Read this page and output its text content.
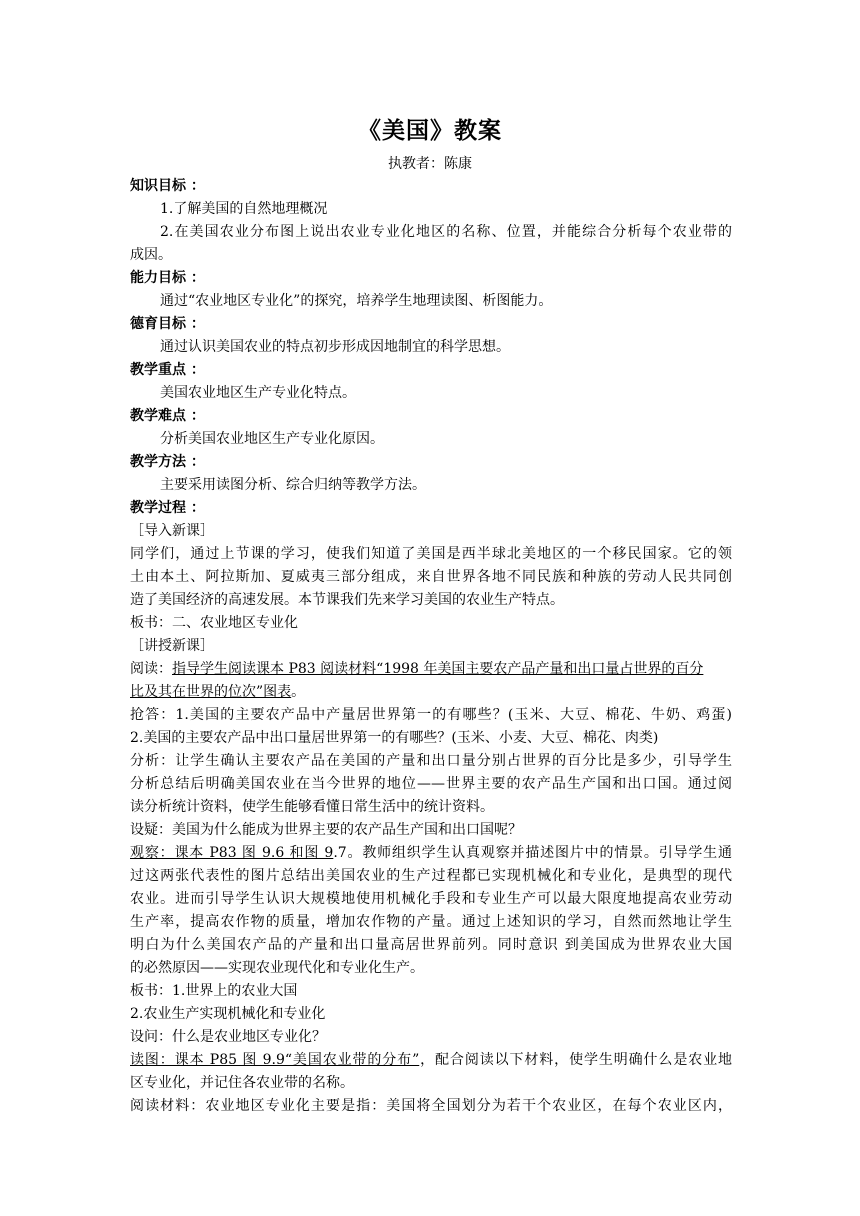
《美国》教案
执教者：陈康
知识目标 ：
1.了解美国的自然地理概况
2.在美国农业分布图上说出农业专业化地区的名称、位置，并能综合分析每个农业带的
成因。
能力目标 ：
通过“农业地区专业化”的探究，培养学生地理读图、析图能力。
德育目标 ：
通过认识美国农业的特点初步形成因地制宜的科学思想。
教学重点 ：
美国农业地区生产专业化特点。
教学难点 ：
分析美国农业地区生产专业化原因。
教学方法 ：
主要采用读图分析、综合归纳等教学方法。
教学过程 ：
［导入新课］
同学们，通过上节课的学习，使我们知道了美国是西半球北美地区的一个移民国家。它的领
土由本土、阿拉斯加、夏威夷三部分组成，来自世界各地不同民族和种族的劳动人民共同创
造了美国经济的高速发展。本节课我们先来学习美国的农业生产特点。
板书：二、农业地区专业化
［讲授新课］
阅读：指导学生阅读课本 P83 阅读材料“1998 年美国主要农产品产量和出口量占世界的百分
比及其在世界的位次”图表。
抢答：1.美国的主要农产品中产量居世界第一的有哪些？(玉米、大豆、棉花、牛奶、鸡蛋)
2.美国的主要农产品中出口量居世界第一的有哪些？(玉米、小麦、大豆、棉花、肉类)
分析：让学生确认主要农产品在美国的产量和出口量分别占世界的百分比是多少，引导学生
分析总结后明确美国农业在当今世界的地位——世界主要的农产品生产国和出口国。通过阅
读分析统计资料，使学生能够看懂日常生活中的统计资料。
设疑：美国为什么能成为世界主要的农产品生产国和出口国呢？
观察：课本 P83 图 9.6 和图 9.7。教师组织学生认真观察并描述图片中的情景。引导学生通
过这两张代表性的图片总结出美国农业的生产过程都已实现机械化和专业化，是典型的现代
农业。进而引导学生认识大规模地使用机械化手段和专业生产可以最大限度地提高农业劳动
生产率，提高农作物的质量，增加农作物的产量。通过上述知识的学习，自然而然地让学生
明白为什么美国农产品的产量和出口量高居世界前列。同时意识 到美国成为世界农业大国
的必然原因——实现农业现代化和专业化生产。
板书：1.世界上的农业大国
2.农业生产实现机械化和专业化
设问：什么是农业地区专业化？
读图：课本 P85 图 9.9“美国农业带的分布”，配合阅读以下材料，使学生明确什么是农业地
区专业化，并记住各农业带的名称。
阅读材料：农业地区专业化主要是指：美国将全国划分为若干个农业区，在每个农业区内，
